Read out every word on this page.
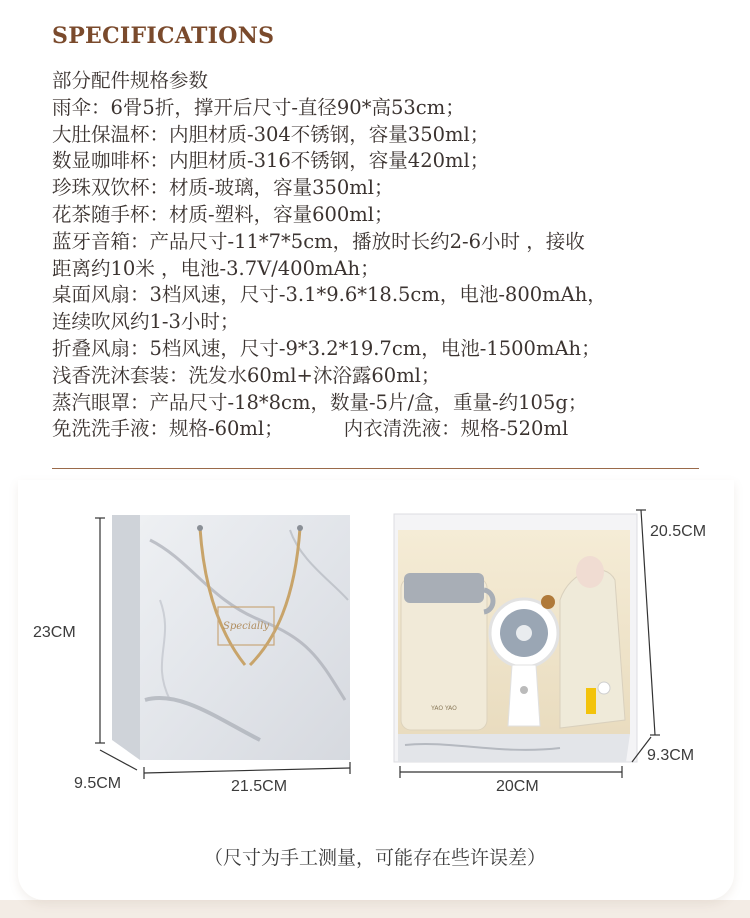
SPECIFICATIONS
部分配件规格参数
雨伞：6骨5折，撑开后尺寸-直径90*高53cm；
大肚保温杯：内胆材质-304不锈钢，容量350ml；
数显咖啡杯：内胆材质-316不锈钢，容量420ml；
珍珠双饮杯：材质-玻璃，容量350ml；
花茶随手杯：材质-塑料，容量600ml；
蓝牙音箱：产品尺寸-11*7*5cm，播放时长约2-6小时 ，接收
距离约10米 ，电池-3.7V/400mAh；
桌面风扇：3档风速，尺寸-3.1*9.6*18.5cm，电池-800mAh，
连续吹风约1-3小时；
折叠风扇：5档风速，尺寸-9*3.2*19.7cm，电池-1500mAh；
浅香洗沐套装：洗发水60ml+沐浴露60ml；
蒸汽眼罩：产品尺寸-18*8cm，数量-5片/盒，重量-约105g；
免洗洗手液：规格-60ml；	内衣清洗液：规格-520ml
Specially
YAO YAO
23CM
9.5CM	21.5CM
20.5CM
9.3CM
20CM
（尺寸为手工测量，可能存在些许误差）
